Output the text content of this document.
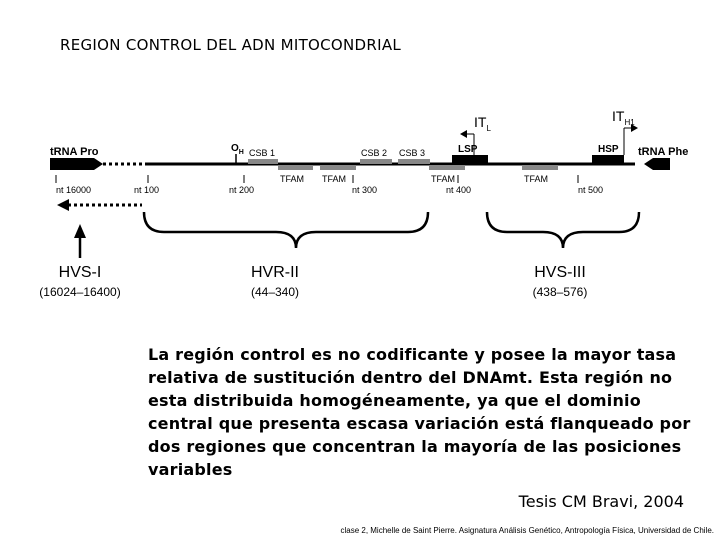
REGION CONTROL DEL ADN MITOCONDRIAL
tRNA Pro	tRNA Phe
$O_H$ CSB 1	CSB 2 CSB 3
TFAM TFAM	TFAM	TFAM
LSP	HSP
$IT_L$
$IT_{H1}$
nt 16000	nt 100	nt 200	nt 300	nt 400	nt 500
HVS-I
(16024–16400)
HVR-II
(44–340)
HVS-III
(438–576)

La región control es no codificante y posee la mayor tasa relativa de sustitución dentro del DNAmt. Esta región no esta distribuida homogéneamente, ya que el dominio central que presenta escasa variación está flanqueado por dos regiones que concentran la mayoría de las posiciones variables

Tesis CM Bravi, 2004
clase 2, Michelle de Saint Pierre. Asignatura Análisis Genético, Antropología Física, Universidad de Chile.
